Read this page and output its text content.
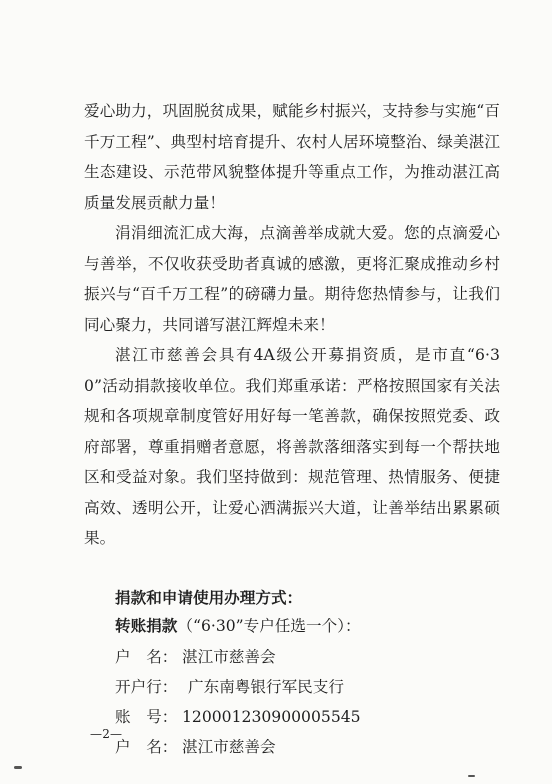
爱心助力，巩固脱贫成果，赋能乡村振兴，支持参与实施“百千万工程”、典型村培育提升、农村人居环境整治、绿美湛江生态建设、示范带风貌整体提升等重点工作，为推动湛江高质量发展贡献力量！

涓涓细流汇成大海，点滴善举成就大爱。您的点滴爱心与善举，不仅收获受助者真诚的感激，更将汇聚成推动乡村振兴与“百千万工程”的磅礴力量。期待您热情参与，让我们同心聚力，共同谱写湛江辉煌未来！

湛江市慈善会具有4A级公开募捐资质，是市直“6·30”活动捐款接收单位。我们郑重承诺：严格按照国家有关法规和各项规章制度管好用好每一笔善款，确保按照党委、政府部署，尊重捐赠者意愿，将善款落细落实到每一个帮扶地区和受益对象。我们坚持做到：规范管理、热情服务、便捷高效、透明公开，让爱心洒满振兴大道，让善举结出累累硕果。

捐款和申请使用办理方式：
转账捐款（“6·30”专户任选一个）：
户　名： 湛江市慈善会
开户行： 广东南粤银行军民支行
账　号： 120001230900005545
户　名： 湛江市慈善会
—2—
